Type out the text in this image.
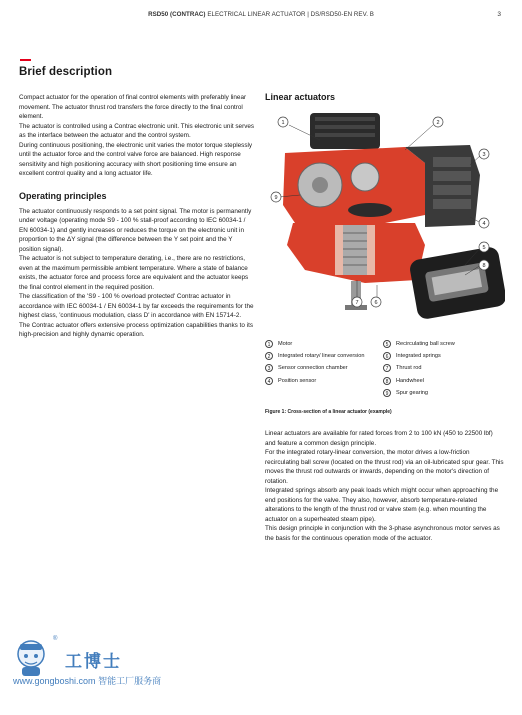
RSD50 (CONTRAC) ELECTRICAL LINEAR ACTUATOR | DS/RSD50-EN REV. B	3
Brief description

Compact actuator for the operation of final control elements with preferably linear movement. The actuator thrust rod transfers the force directly to the final control element.

The actuator is controlled using a Contrac electronic unit. This electronic unit serves as the interface between the actuator and the control system.

During continuous positioning, the electronic unit varies the motor torque steplessly until the actuator force and the control valve force are balanced. High response sensitivity and high positioning accuracy with short positioning time ensure an excellent control quality and a long actuator life.

Operating principles

The actuator continuously responds to a set point signal. The motor is permanently under voltage (operating mode S9 - 100 % stall-proof according to IEC 60034-1 / EN 60034-1) and gently increases or reduces the torque on the electronic unit in proportion to the ΔY signal (the difference between the Y set point and the Y position signal).

The actuator is not subject to temperature derating, i.e., there are no restrictions, even at the maximum permissible ambient temperature. Where a state of balance exists, the actuator force and process force are equivalent and the actuator keeps the final control element in the required position.

The classification of the 'S9 - 100 % overload protected' Contrac actuator in accordance with IEC 60034-1 / EN 60034-1 by far exceeds the requirements for the highest class, 'continuous modulation, class D' in accordance with EN 15714-2.

The Contrac actuator offers extensive process optimization capabilities thanks to its high-precision and highly dynamic operation.

Linear actuators
1	2
3
4
5
6
7
8
9
1	Motor
2	Integrated rotary/ linear conversion
3	Sensor connection chamber
4	Position sensor
5	Recirculating ball screw
6	Integrated springs
7	Thrust rod
8	Handwheel
9	Spur gearing
Figure 1: Cross-section of a linear actuator (example)

Linear actuators are available for rated forces from 2 to 100 kN (450 to 22500 lbf) and feature a common design principle.

For the integrated rotary-linear conversion, the motor drives a low-friction recirculating ball screw (located on the thrust rod) via an oil-lubricated spur gear. This moves the thrust rod outwards or inwards, depending on the motor's direction of rotation.

Integrated springs absorb any peak loads which might occur when approaching the end positions for the valve. They also, however, absorb temperature-related alterations to the length of the thrust rod or valve stem (e.g. when mounting the actuator on a superheated steam pipe).

This design principle in conjunction with the 3-phase asynchronous motor serves as the basis for the continuous operation mode of the actuator.

®
工博士
www.gongboshi.com 智能工厂服务商
